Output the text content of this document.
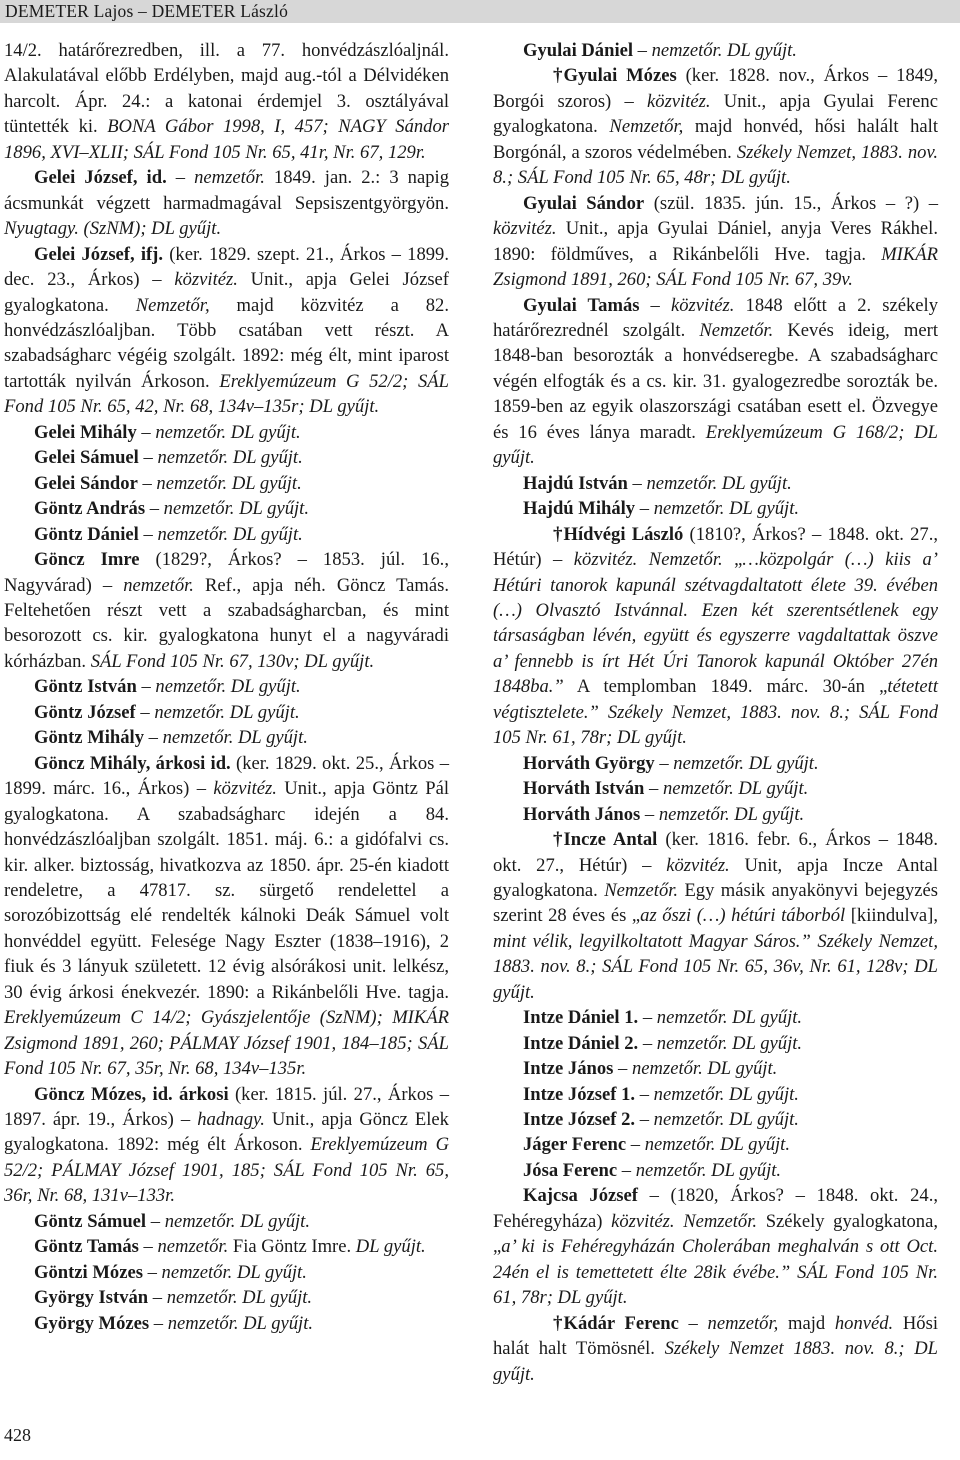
DEMETER Lajos – DEMETER László

14/2. határőrezredben, ill. a 77. honvédzászlóaljnál. Alakulatával előbb Erdélyben, majd aug.-tól a Délvidéken harcolt. Ápr. 24.: a katonai érdemjel 3. osztályával tüntették ki. BONA Gábor 1998, I, 457; NAGY Sándor 1896, XVI–XLII; SÁL Fond 105 Nr. 65, 41r, Nr. 67, 129r.

Gelei József, id. – nemzetőr. 1849. jan. 2.: 3 napig ácsmunkát végzett harmadmagával Sepsiszentgyörgyön. Nyugtagy. (SzNM); DL gyűjt.

Gelei József, ifj. (ker. 1829. szept. 21., Árkos – 1899. dec. 23., Árkos) – közvitéz. Unit., apja Gelei József gyalogkatona. Nemzetőr, majd közvitéz a 82. honvédzászlóaljban. Több csatában vett részt. A szabadságharc végéig szolgált. 1892: még élt, mint iparost tartották nyilván Árkoson. Ereklyemúzeum G 52/2; SÁL Fond 105 Nr. 65, 42, Nr. 68, 134v–135r; DL gyűjt.

Gelei Mihály – nemzetőr. DL gyűjt.

Gelei Sámuel – nemzetőr. DL gyűjt.

Gelei Sándor – nemzetőr. DL gyűjt.

Göntz András – nemzetőr. DL gyűjt.

Göntz Dániel – nemzetőr. DL gyűjt.

Göncz Imre (1829?, Árkos? – 1853. júl. 16., Nagyvárad) – nemzetőr. Ref., apja néh. Göncz Tamás. Feltehetően részt vett a szabadságharcban, és mint besorozott cs. kir. gyalogkatona hunyt el a nagyváradi kórházban. SÁL Fond 105 Nr. 67, 130v; DL gyűjt.

Göntz István – nemzetőr. DL gyűjt.

Göntz József – nemzetőr. DL gyűjt.

Göntz Mihály – nemzetőr. DL gyűjt.

Göncz Mihály, árkosi id. (ker. 1829. okt. 25., Árkos – 1899. márc. 16., Árkos) – közvitéz. Unit., apja Göntz Pál gyalogkatona. A szabadságharc idején a 84. honvédzászlóaljban szolgált. 1851. máj. 6.: a gidófalvi cs. kir. alker. biztosság, hivatkozva az 1850. ápr. 25-én kiadott rendeletre, a 47817. sz. sürgető rendelettel a sorozóbizottság elé rendelték kálnoki Deák Sámuel volt honvéddel együtt. Felesége Nagy Eszter (1838–1916), 2 fiuk és 3 lányuk született. 12 évig alsórákosi unit. lelkész, 30 évig árkosi énekvezér. 1890: a Rikánbelőli Hve. tagja. Ereklyemúzeum C 14/2; Gyászjelentője (SzNM); MIKÁR Zsigmond 1891, 260; PÁLMAY József 1901, 184–185; SÁL Fond 105 Nr. 67, 35r, Nr. 68, 134v–135r.

Göncz Mózes, id. árkosi (ker. 1815. júl. 27., Árkos – 1897. ápr. 19., Árkos) – hadnagy. Unit., apja Göncz Elek gyalogkatona. 1892: még élt Árkoson. Ereklyemúzeum G 52/2; PÁLMAY József 1901, 185; SÁL Fond 105 Nr. 65, 36r, Nr. 68, 131v–133r.

Göntz Sámuel – nemzetőr. DL gyűjt.

Göntz Tamás – nemzetőr. Fia Göntz Imre. DL gyűjt.

Göntzi Mózes – nemzetőr. DL gyűjt.

György István – nemzetőr. DL gyűjt.

György Mózes – nemzetőr. DL gyűjt.

Gyulai Dániel – nemzetőr. DL gyűjt.

†Gyulai Mózes (ker. 1828. nov., Árkos – 1849, Borgói szoros) – közvitéz. Unit., apja Gyulai Ferenc gyalogkatona. Nemzetőr, majd honvéd, hősi halált halt Borgónál, a szoros védelmében. Székely Nemzet, 1883. nov. 8.; SÁL Fond 105 Nr. 65, 48r; DL gyűjt.

Gyulai Sándor (szül. 1835. jún. 15., Árkos – ?) – közvitéz. Unit., apja Gyulai Dániel, anyja Veres Rákhel. 1890: földműves, a Rikánbelőli Hve. tagja. MIKÁR Zsigmond 1891, 260; SÁL Fond 105 Nr. 67, 39v.

Gyulai Tamás – közvitéz. 1848 előtt a 2. székely határőrezrednél szolgált. Nemzetőr. Kevés ideig, mert 1848-ban besorozták a honvédseregbe. A szabadságharc végén elfogták és a cs. kir. 31. gyalogezredbe sorozták be. 1859-ben az egyik olaszországi csatában esett el. Özvegye és 16 éves lánya maradt. Ereklyemúzeum G 168/2; DL gyűjt.

Hajdú István – nemzetőr. DL gyűjt.

Hajdú Mihály – nemzetőr. DL gyűjt.

†Hídvégi László (1810?, Árkos? – 1848. okt. 27., Hétúr) – közvitéz. Nemzetőr. „…közpolgár (…) kiis a’ Hétúri tanorok kapunál szétvagdaltatott élete 39. évében (…) Olvasztó Istvánnal. Ezen két szerentsétlenek egy társaságban lévén, együtt és egyszerre vagdaltattak öszve a’ fennebb is írt Hét Úri Tanorok kapunál Október 27én 1848ba.” A templomban 1849. márc. 30-án „tétetett végtisztelete.” Székely Nemzet, 1883. nov. 8.; SÁL Fond 105 Nr. 61, 78r; DL gyűjt.

Horváth György – nemzetőr. DL gyűjt.

Horváth István – nemzetőr. DL gyűjt.

Horváth János – nemzetőr. DL gyűjt.

†Incze Antal (ker. 1816. febr. 6., Árkos – 1848. okt. 27., Hétúr) – közvitéz. Unit, apja Incze Antal gyalogkatona. Nemzetőr. Egy másik anyakönyvi bejegyzés szerint 28 éves és „az őszi (…) hétúri táborból [kiindulva], mint vélik, legyilkoltatott Magyar Sáros.” Székely Nemzet, 1883. nov. 8.; SÁL Fond 105 Nr. 65, 36v, Nr. 61, 128v; DL gyűjt.

Intze Dániel 1. – nemzetőr. DL gyűjt.

Intze Dániel 2. – nemzetőr. DL gyűjt.

Intze János – nemzetőr. DL gyűjt.

Intze József 1. – nemzetőr. DL gyűjt.

Intze József 2. – nemzetőr. DL gyűjt.

Jáger Ferenc – nemzetőr. DL gyűjt.

Jósa Ferenc – nemzetőr. DL gyűjt.

Kajcsa József – (1820, Árkos? – 1848. okt. 24., Fehéregyháza) közvitéz. Nemzetőr. Székely gyalogkatona, „a’ ki is Fehéregyházán Cholerában meghalván s ott Oct. 24én el is temettetett élte 28ik évébe.” SÁL Fond 105 Nr. 61, 78r; DL gyűjt.

†Kádár Ferenc – nemzetőr, majd honvéd. Hősi halát halt Tömösnél. Székely Nemzet 1883. nov. 8.; DL gyűjt.

428
